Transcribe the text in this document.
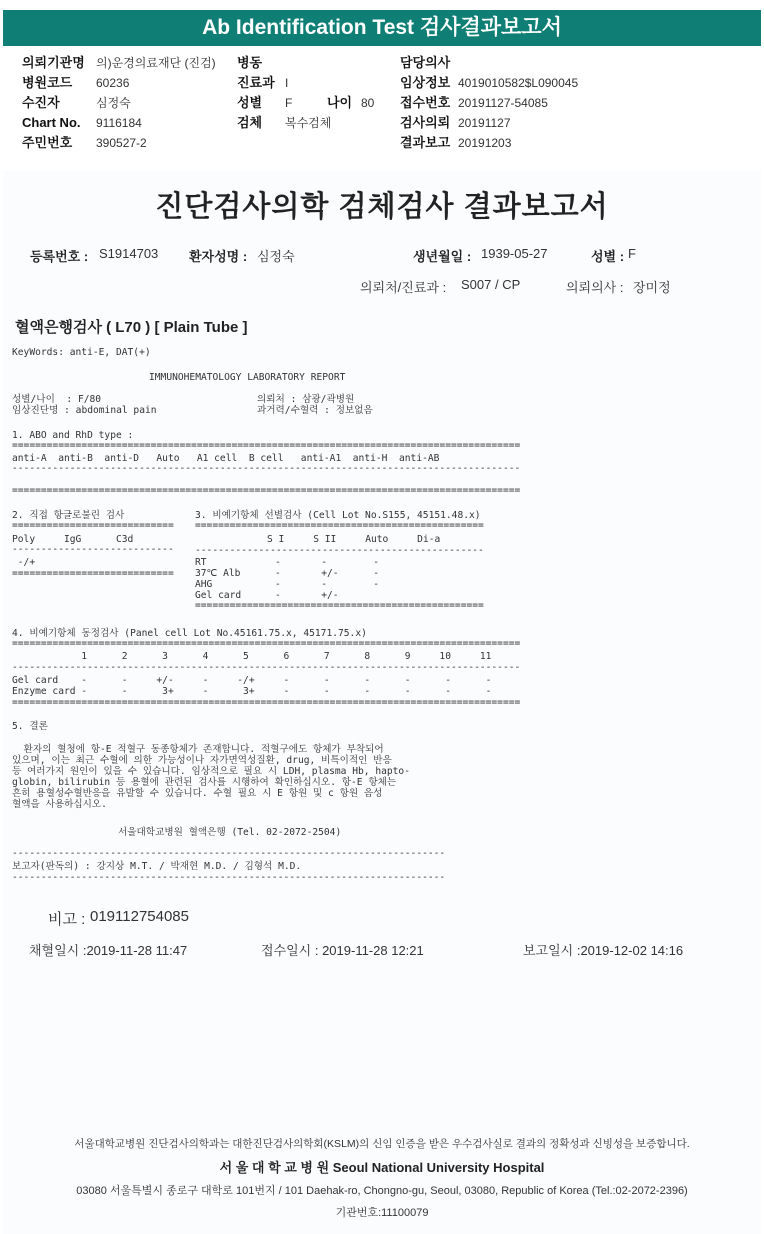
Ab Identification Test 검사결과보고서
의뢰기관명 의)운경의료재단 (진검) 병동	담당의사
병원코드 60236	진료과 I	임상정보 4019010582$L090045
수진자	심정숙	성별 F	나이 80 접수번호 20191127-54085
Chart No. 9116184	검체 복수검체	검사의뢰 20191127
주민번호 390527-2	결과보고 20191203
진단검사의학 검체검사 결과보고서
등록번호 : S1914703 환자성명 : 심정숙	생년월일 : 1939-05-27	성별 : F
의뢰처/진료과 : S007 / CP	의뢰의사 : 장미정
혈액은행검사 ( L70 ) [ Plain Tube ]
KeyWords: anti-E, DAT(+)
IMMUNOHEMATOLOGY LABORATORY REPORT
성별/나이  : F/80	의뢰처 : 삼광/곽병원
임상진단명 : abdominal pain	과거력/수혈력 : 정보없음
1. ABO and RhD type :
========================================================================================
anti-A  anti-B  anti-D   Auto   A1 cell  B cell   anti-A1  anti-H  anti-AB
----------------------------------------------------------------------------------------
========================================================================================
2. 직접 항글로불린 검사
============================
Poly     IgG      C3d
----------------------------
-/+
============================
3. 비예기항체 선별검사 (Cell Lot No.S155, 45151.48.x)
==================================================
S I     S II     Auto     Di-a
--------------------------------------------------
RT	-       -        -
37℃ Alb	-       +/-      -
AHG	-       -        -
Gel card	-       +/-
==================================================
4. 비예기항체 동정검사 (Panel cell Lot No.45161.75.x, 45171.75.x)
========================================================================================
1      2      3      4      5      6      7      8      9     10     11
----------------------------------------------------------------------------------------
Gel card    -      -     +/-     -     -/+     -      -      -      -      -      -
Enzyme card -      -      3+     -      3+     -      -      -      -      -      -
========================================================================================
5. 결론
환자의 혈청에 항-E 적혈구 동종항체가 존재합니다. 적혈구에도 항체가 부착되어
있으며, 이는 최근 수혈에 의한 가능성이나 자가면역성질환, drug, 비특이적인 반응
등 여러가지 원인이 있을 수 있습니다. 임상적으로 필요 시 LDH, plasma Hb, hapto-
globin, bilirubin 등 용혈에 관련된 검사를 시행하여 확인하십시오. 항-E 항체는
흔히 용혈성수혈반응을 유발할 수 있습니다. 수혈 필요 시 E 항원 및 c 항원 음성
혈액을 사용하십시오.
서울대학교병원 혈액은행 (Tel. 02-2072-2504)
---------------------------------------------------------------------------
보고자(판독의) : 강지상 M.T. / 박재현 M.D. / 김형석 M.D.
---------------------------------------------------------------------------
비고 : 019112754085
채혈일시 :2019-11-28 11:47	접수일시 : 2019-11-28 12:21	보고일시 :2019-12-02 14:16
서울대학교병원 진단검사의학과는 대한진단검사의학회(KSLM)의 신임 인증을 받은 우수검사실로 결과의 정확성과 신빙성을 보증합니다.
서 울 대 학 교 병 원 Seoul National University Hospital
03080 서울특별시 종로구 대학로 101번지 / 101 Daehak-ro, Chongno-gu, Seoul, 03080, Republic of Korea (Tel.:02-2072-2396)
기관번호:11100079
